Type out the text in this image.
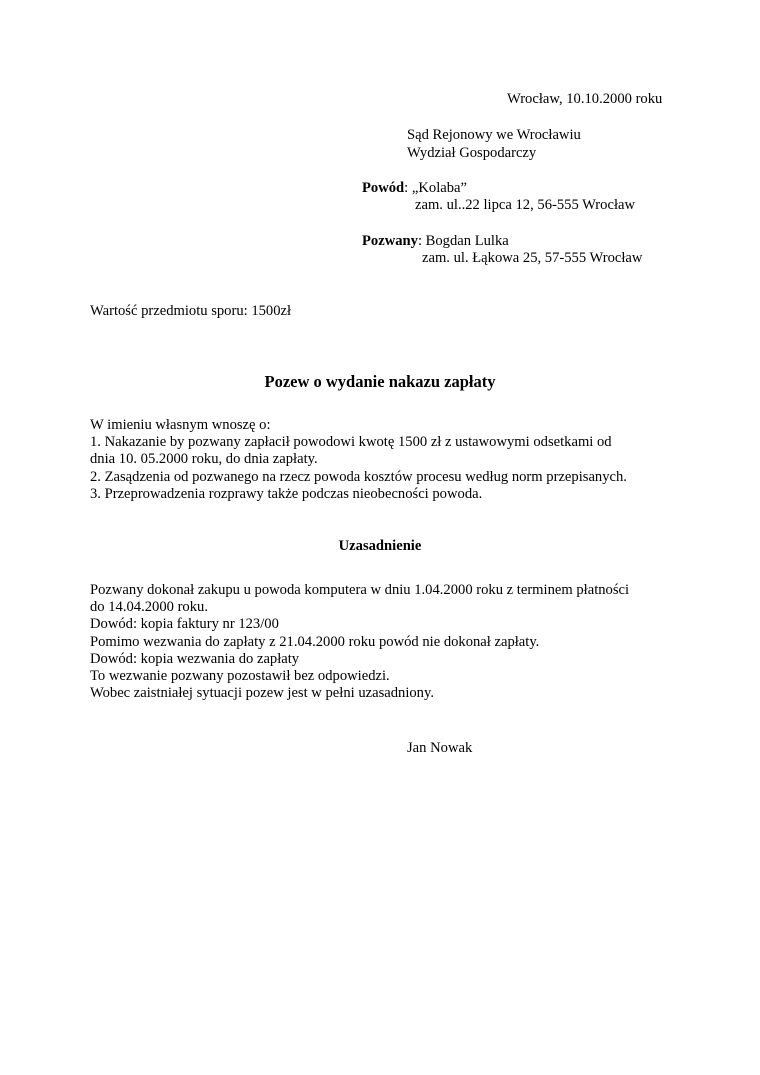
Wrocław, 10.10.2000 roku
Sąd Rejonowy we Wrocławiu
Wydział Gospodarczy
Powód: „Kolaba”
zam. ul..22 lipca 12, 56-555 Wrocław
Pozwany: Bogdan Lulka
zam. ul. Łąkowa 25, 57-555 Wrocław
Wartość przedmiotu sporu: 1500zł
Pozew o wydanie nakazu zapłaty
W imieniu własnym wnoszę o:
1. Nakazanie by pozwany zapłacił powodowi kwotę 1500 zł z ustawowymi odsetkami od
dnia 10. 05.2000 roku, do dnia zapłaty.
2. Zasądzenia od pozwanego na rzecz powoda kosztów procesu według norm przepisanych.
3. Przeprowadzenia rozprawy także podczas nieobecności powoda.
Uzasadnienie
Pozwany dokonał zakupu u powoda komputera w dniu 1.04.2000 roku z terminem płatności
do 14.04.2000 roku.
Dowód: kopia faktury nr 123/00
Pomimo wezwania do zapłaty z 21.04.2000 roku powód nie dokonał zapłaty.
Dowód: kopia wezwania do zapłaty
To wezwanie pozwany pozostawił bez odpowiedzi.
Wobec zaistniałej sytuacji pozew jest w pełni uzasadniony.
Jan Nowak
